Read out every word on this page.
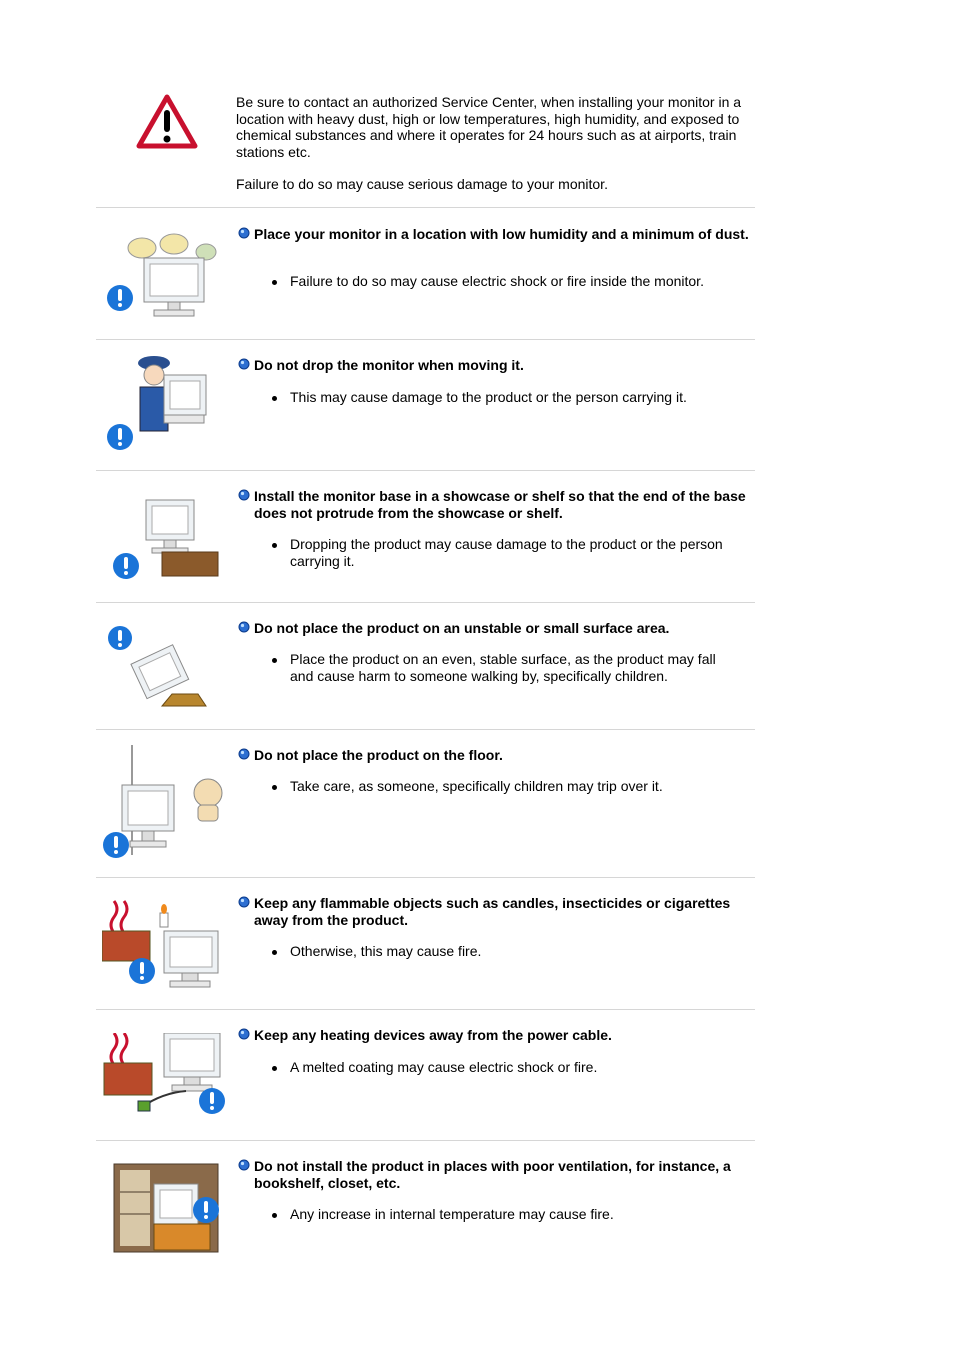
Be sure to contact an authorized Service Center, when installing your monitor in a location with heavy dust, high or low temperatures, high humidity, and exposed to chemical substances and where it operates for 24 hours such as at airports, train stations etc.

Failure to do so may cause serious damage to your monitor.

Place your monitor in a location with low humidity and a minimum of dust.
Failure to do so may cause electric shock or fire inside the monitor.
Do not drop the monitor when moving it.
This may cause damage to the product or the person carrying it.
Install the monitor base in a showcase or shelf so that the end of the base does not protrude from the showcase or shelf.
Dropping the product may cause damage to the product or the person carrying it.
Do not place the product on an unstable or small surface area.
Place the product on an even, stable surface, as the product may fall and cause harm to someone walking by, specifically children.
Do not place the product on the floor.
Take care, as someone, specifically children may trip over it.
Keep any flammable objects such as candles, insecticides or cigarettes away from the product.
Otherwise, this may cause fire.
Keep any heating devices away from the power cable.
A melted coating may cause electric shock or fire.
Do not install the product in places with poor ventilation, for instance, a bookshelf, closet, etc.
Any increase in internal temperature may cause fire.
